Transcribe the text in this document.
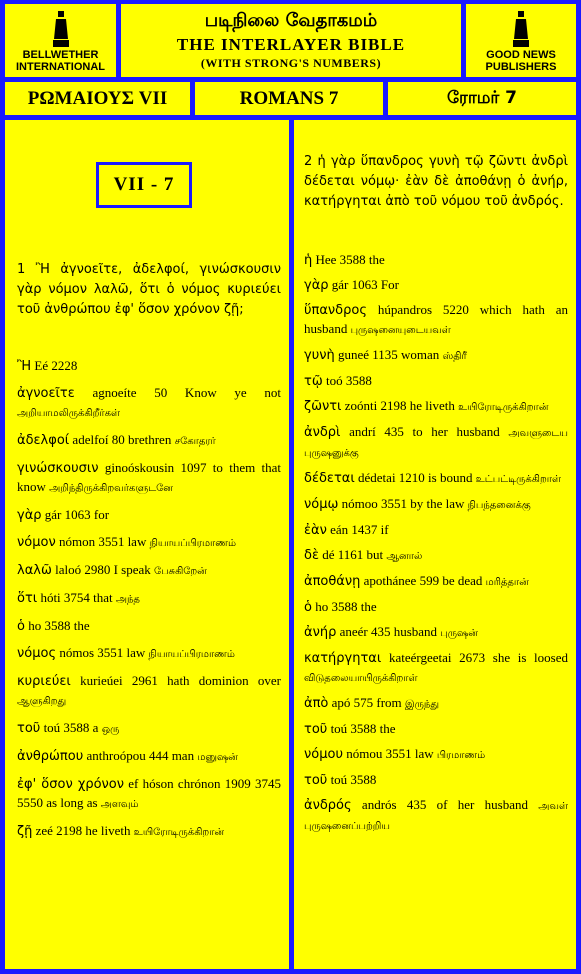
BELLWETHER INTERNATIONAL
படிநிலை வேதாகமம்
THE INTERLAYER BIBLE
(WITH STRONG'S NUMBERS)
GOOD NEWS PUBLISHERS
ΡΩΜΑΙΟΥΣ VII	ROMANS 7	ரோமர் 7
VII - 7
1 Ἢ ἀγνοεῖτε, ἀδελφοί, γινώσκουσιν γὰρ νόμον λαλῶ, ὅτι ὁ νόμος κυριεύει τοῦ ἀνθρώπου ἐφ' ὅσον χρόνον ζῇ;
Ἢ Eé 2228
ἀγνοεῖτε agnoeíte 50 Know ye not அறியாமலிருக்கிறீர்கள்
ἀδελφοί adelfoí 80 brethren சகோதரர்
γινώσκουσιν ginoóskousin 1097 to them that know அறிந்திருக்கிறவர்களுடனே
γὰρ gár 1063 for
νόμον nómon 3551 law நியாயப்பிரமாணம்
λαλῶ laloó 2980 I speak பேசுகிறேன்
ὅτι hóti 3754 that அந்த
ὁ ho 3588 the
νόμος nómos 3551 law நியாயப்பிரமாணம்
κυριεύει kurieúei 2961 hath dominion over ஆளுகிறது
τοῦ toú 3588 a ஒரு
ἀνθρώπου anthroópou 444 man மனுஷன்
ἐφ' ὅσον χρόνον ef hóson chrónon 1909 3745 5550 as long as அளவும்
ζῇ zeé 2198 he liveth உயிரோடிருக்கிறான்
2 ἡ γὰρ ὕπανδρος γυνὴ τῷ ζῶντι ἀνδρὶ δέδεται νόμῳ· ἐὰν δὲ ἀποθάνῃ ὁ ἀνήρ, κατήργηται ἀπὸ τοῦ νόμου τοῦ ἀνδρός.
ἡ Hee 3588 the
γὰρ gár 1063 For
ὕπανδρος húpandros 5220 which hath an husband புருஷனையுடையவள்
γυνὴ guneé 1135 woman ஸ்திரீ
τῷ toó 3588
ζῶντι zoónti 2198 he liveth உயிரோடிருக்கிறான்
ἀνδρὶ andrí 435 to her husband அவளுடைய புருஷனுக்கு
δέδεται dédetai 1210 is bound உட்பட்டிருக்கிறாள்
νόμῳ nómoo 3551 by the law நிபந்தனைக்கு
ἐὰν eán 1437 if
δὲ dé 1161 but ஆனால்
ἀποθάνῃ apothánee 599 be dead மரித்தான்
ὁ ho 3588 the
ἀνήρ aneér 435 husband புருஷன்
κατήργηται kateérgeetai 2673 she is loosed விடுதலையாயிருக்கிறாள்
ἀπὸ apó 575 from இருந்து
τοῦ toú 3588 the
νόμου nómou 3551 law பிரமாணம்
τοῦ toú 3588
ἀνδρός andrós 435 of her husband அவள் புருஷனைப்பற்றிய
